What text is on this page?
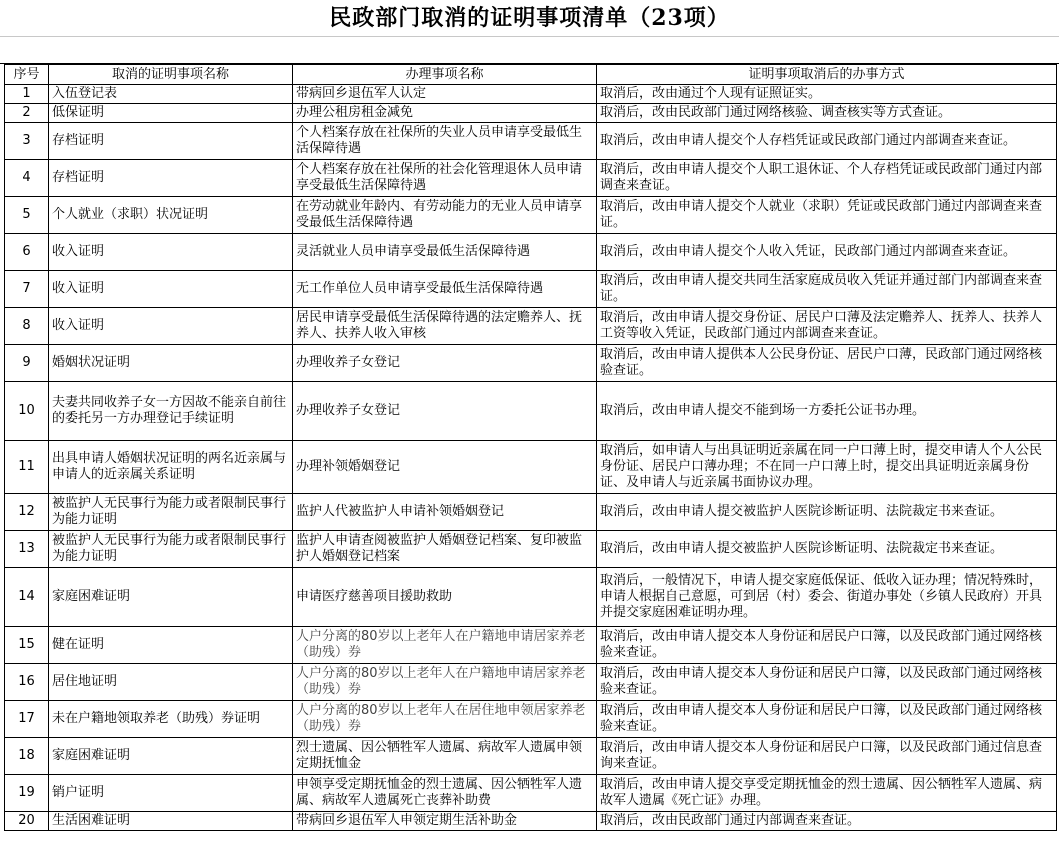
民政部门取消的证明事项清单（23项）
序号	取消的证明事项名称	办理事项名称	证明事项取消后的办事方式
1	入伍登记表	带病回乡退伍军人认定	取消后，改由通过个人现有证照证实。
2	低保证明	办理公租房租金减免	取消后，改由民政部门通过网络核验、调查核实等方式查证。
3	存档证明	个人档案存放在社保所的失业人员申请享受最低生活保障待遇	取消后，改由申请人提交个人存档凭证或民政部门通过内部调查来查证。
4	存档证明	个人档案存放在社保所的社会化管理退休人员申请享受最低生活保障待遇	取消后，改由申请人提交个人职工退休证、个人存档凭证或民政部门通过内部调查来查证。
5	个人就业（求职）状况证明	在劳动就业年龄内、有劳动能力的无业人员申请享受最低生活保障待遇	取消后，改由申请人提交个人就业（求职）凭证或民政部门通过内部调查来查证。
6	收入证明	灵活就业人员申请享受最低生活保障待遇	取消后，改由申请人提交个人收入凭证，民政部门通过内部调查来查证。
7	收入证明	无工作单位人员申请享受最低生活保障待遇	取消后，改由申请人提交共同生活家庭成员收入凭证并通过部门内部调查来查证。
8	收入证明	居民申请享受最低生活保障待遇的法定赡养人、抚养人、扶养人收入审核	取消后，改由申请人提交身份证、居民户口薄及法定赡养人、抚养人、扶养人工资等收入凭证，民政部门通过内部调查来查证。
9	婚姻状况证明	办理收养子女登记	取消后，改由申请人提供本人公民身份证、居民户口薄，民政部门通过网络核验查证。
10	夫妻共同收养子女一方因故不能亲自前往的委托另一方办理登记手续证明	办理收养子女登记	取消后，改由申请人提交不能到场一方委托公证书办理。
11	出具申请人婚姻状况证明的两名近亲属与申请人的近亲属关系证明	办理补领婚姻登记	取消后，如申请人与出具证明近亲属在同一户口薄上时，提交申请人个人公民身份证、居民户口薄办理；不在同一户口薄上时，提交出具证明近亲属身份证、及申请人与近亲属书面协议办理。
12	被监护人无民事行为能力或者限制民事行为能力证明	监护人代被监护人申请补领婚姻登记	取消后，改由申请人提交被监护人医院诊断证明、法院裁定书来查证。
13	被监护人无民事行为能力或者限制民事行为能力证明	监护人申请查阅被监护人婚姻登记档案、复印被监护人婚姻登记档案	取消后，改由申请人提交被监护人医院诊断证明、法院裁定书来查证。
14	家庭困难证明	申请医疗慈善项目援助救助	取消后，一般情况下，申请人提交家庭低保证、低收入证办理；情况特殊时，申请人根据自己意愿，可到居（村）委会、街道办事处（乡镇人民政府）开具并提交家庭困难证明办理。
15	健在证明	人户分离的80岁以上老年人在户籍地申请居家养老（助残）券	取消后，改由申请人提交本人身份证和居民户口簿，以及民政部门通过网络核验来查证。
16	居住地证明	人户分离的80岁以上老年人在户籍地申请居家养老（助残）券	取消后，改由申请人提交本人身份证和居民户口簿，以及民政部门通过网络核验来查证。
17	未在户籍地领取养老（助残）券证明	人户分离的80岁以上老年人在居住地申领居家养老（助残）券	取消后，改由申请人提交本人身份证和居民户口簿，以及民政部门通过网络核验来查证。
18	家庭困难证明	烈士遗属、因公牺牲军人遗属、病故军人遗属申领定期抚恤金	取消后，改由申请人提交本人身份证和居民户口簿，以及民政部门通过信息查询来查证。
19	销户证明	申领享受定期抚恤金的烈士遗属、因公牺牲军人遗属、病故军人遗属死亡丧葬补助费	取消后，改由申请人提交享受定期抚恤金的烈士遗属、因公牺牲军人遗属、病故军人遗属《死亡证》办理。
20	生活困难证明	带病回乡退伍军人申领定期生活补助金	取消后，改由民政部门通过内部调查来查证。
